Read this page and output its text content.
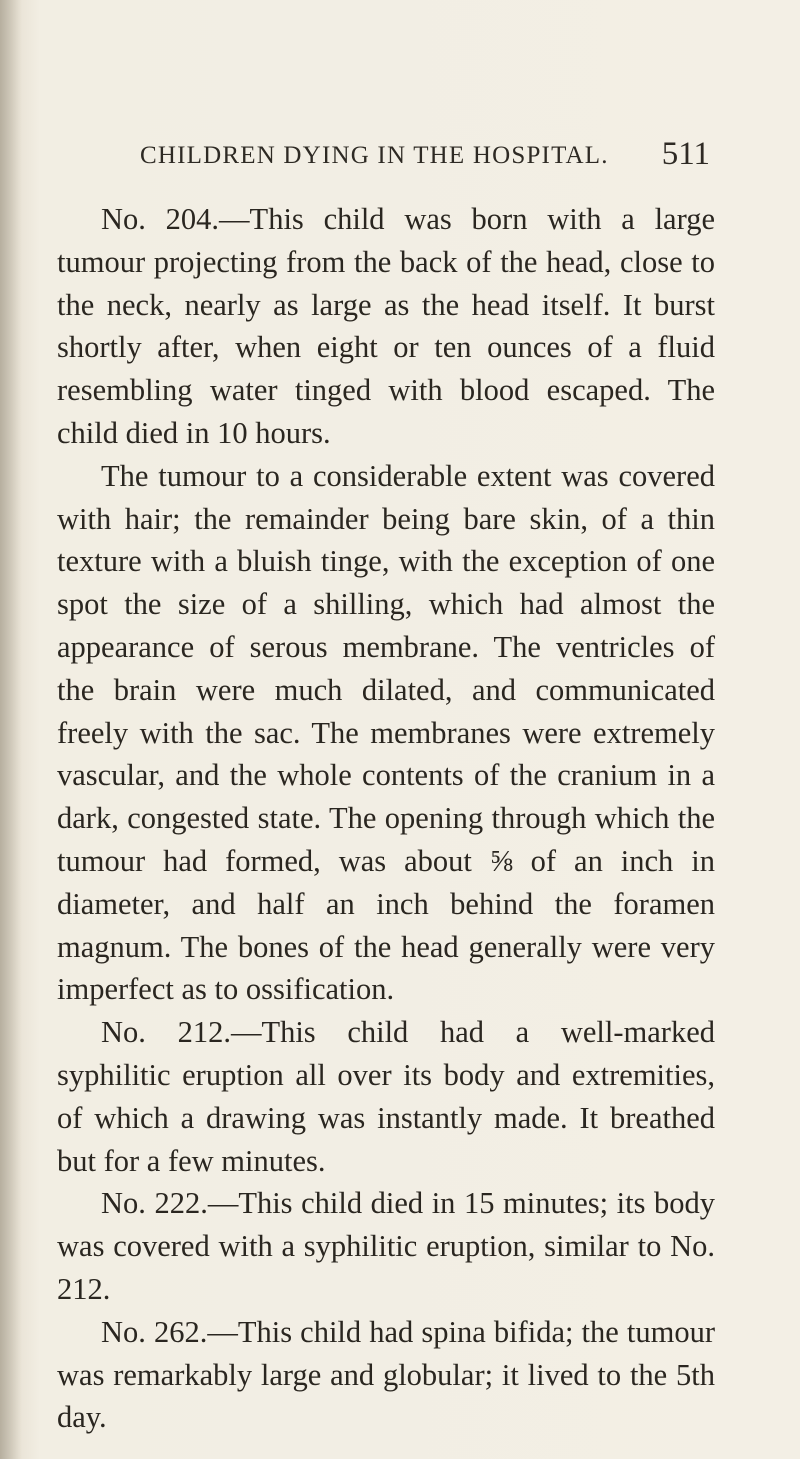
CHILDREN DYING IN THE HOSPITAL. 511

No. 204.—This child was born with a large tumour projecting from the back of the head, close to the neck, nearly as large as the head itself. It burst shortly after, when eight or ten ounces of a fluid resembling water tinged with blood escaped. The child died in 10 hours.

The tumour to a considerable extent was covered with hair; the remainder being bare skin, of a thin texture with a bluish tinge, with the exception of one spot the size of a shilling, which had almost the appearance of serous membrane. The ventricles of the brain were much dilated, and communicated freely with the sac. The membranes were extremely vascular, and the whole contents of the cranium in a dark, congested state. The opening through which the tumour had formed, was about ⅝ of an inch in diameter, and half an inch behind the foramen magnum. The bones of the head generally were very imperfect as to ossification.

No. 212.—This child had a well-marked syphilitic eruption all over its body and extremities, of which a drawing was instantly made. It breathed but for a few minutes.

No. 222.—This child died in 15 minutes; its body was covered with a syphilitic eruption, similar to No. 212.

No. 262.—This child had spina bifida; the tumour was remarkably large and globular; it lived to the 5th day.
